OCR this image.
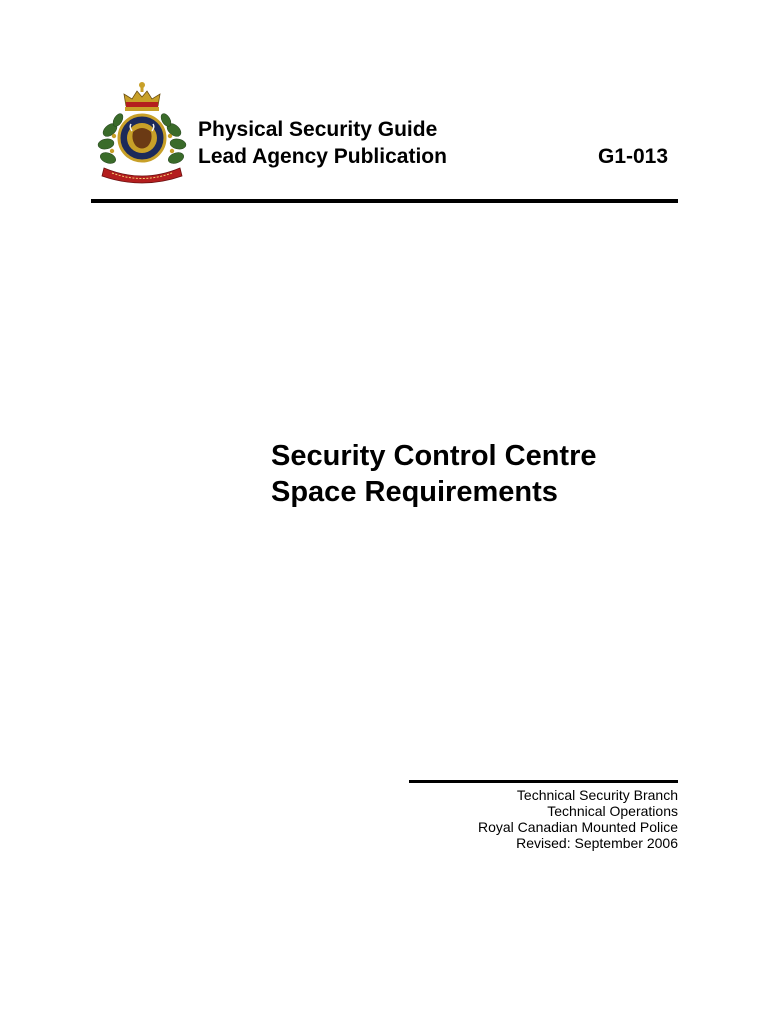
Physical Security Guide
Lead Agency Publication	G1-013
Security Control Centre
Space Requirements
Technical Security Branch
Technical Operations
Royal Canadian Mounted Police
Revised: September 2006
